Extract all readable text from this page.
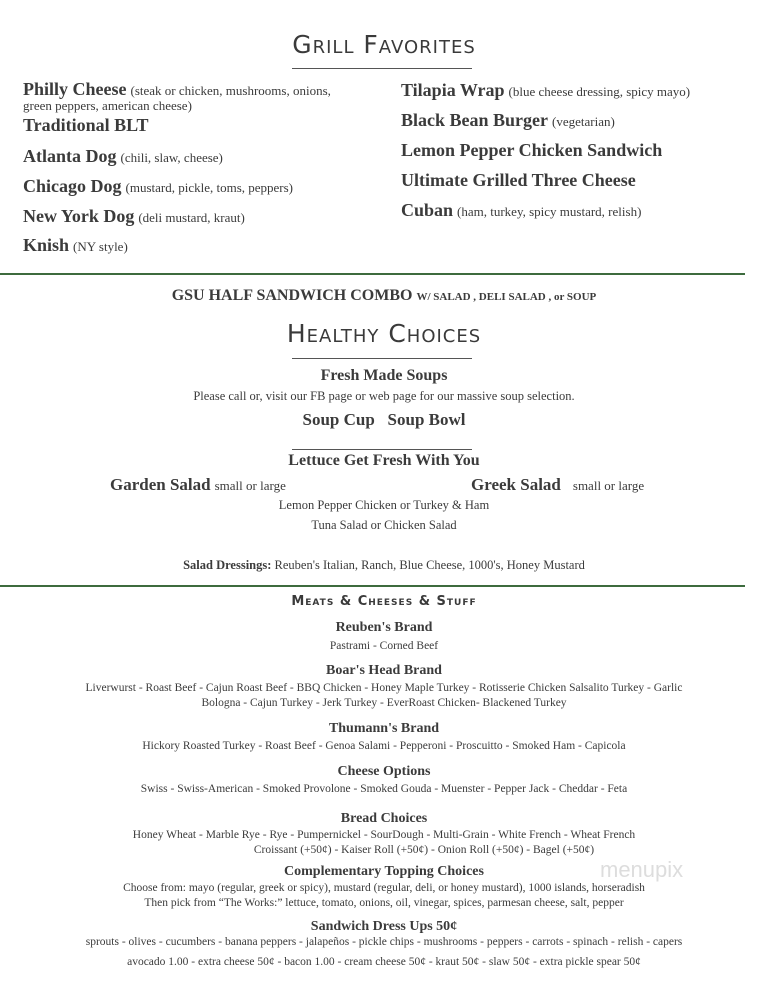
Grill Favorites
Philly Cheese (steak or chicken, mushrooms, onions,
green peppers, american cheese)
Traditional BLT
Atlanta Dog (chili, slaw, cheese)
Chicago Dog (mustard, pickle, toms, peppers)
New York Dog (deli mustard, kraut)
Knish (NY style)
Tilapia Wrap (blue cheese dressing, spicy mayo)
Black Bean Burger (vegetarian)
Lemon Pepper Chicken Sandwich
Ultimate Grilled Three Cheese
Cuban (ham, turkey, spicy mustard, relish)
GSU HALF SANDWICH COMBO W/ SALAD , DELI SALAD , or SOUP
Healthy Choices
Fresh Made Soups
Please call or, visit our FB page or web page for our massive soup selection.
Soup Cup Soup Bowl
Lettuce Get Fresh With You
Garden Salad small or large	Greek Salad small or large
Lemon Pepper Chicken or Turkey & Ham
Tuna Salad or Chicken Salad
Salad Dressings: Reuben's Italian, Ranch, Blue Cheese, 1000's, Honey Mustard
Meats & Cheeses & Stuff
Reuben's Brand
Pastrami - Corned Beef
Boar's Head Brand
Liverwurst - Roast Beef - Cajun Roast Beef - BBQ Chicken - Honey Maple Turkey - Rotisserie Chicken Salsalito Turkey - Garlic
Bologna - Cajun Turkey - Jerk Turkey - EverRoast Chicken- Blackened Turkey
Thumann's Brand
Hickory Roasted Turkey - Roast Beef - Genoa Salami - Pepperoni - Proscuitto - Smoked Ham - Capicola
Cheese Options
Swiss - Swiss-American - Smoked Provolone - Smoked Gouda - Muenster - Pepper Jack - Cheddar - Feta
Bread Choices
Honey Wheat - Marble Rye - Rye - Pumpernickel - SourDough - Multi-Grain - White French - Wheat French
Croissant (+50¢) - Kaiser Roll (+50¢) - Onion Roll (+50¢) - Bagel (+50¢)
Complementary Topping Choices
Choose from: mayo (regular, greek or spicy), mustard (regular, deli, or honey mustard), 1000 islands, horseradish
Then pick from “The Works:” lettuce, tomato, onions, oil, vinegar, spices, parmesan cheese, salt, pepper
Sandwich Dress Ups 50¢
sprouts - olives - cucumbers - banana peppers - jalapeños - pickle chips - mushrooms - peppers - carrots - spinach - relish - capers
avocado 1.00 - extra cheese 50¢ - bacon 1.00 - cream cheese 50¢ - kraut 50¢ - slaw 50¢ - extra pickle spear 50¢
menupix
